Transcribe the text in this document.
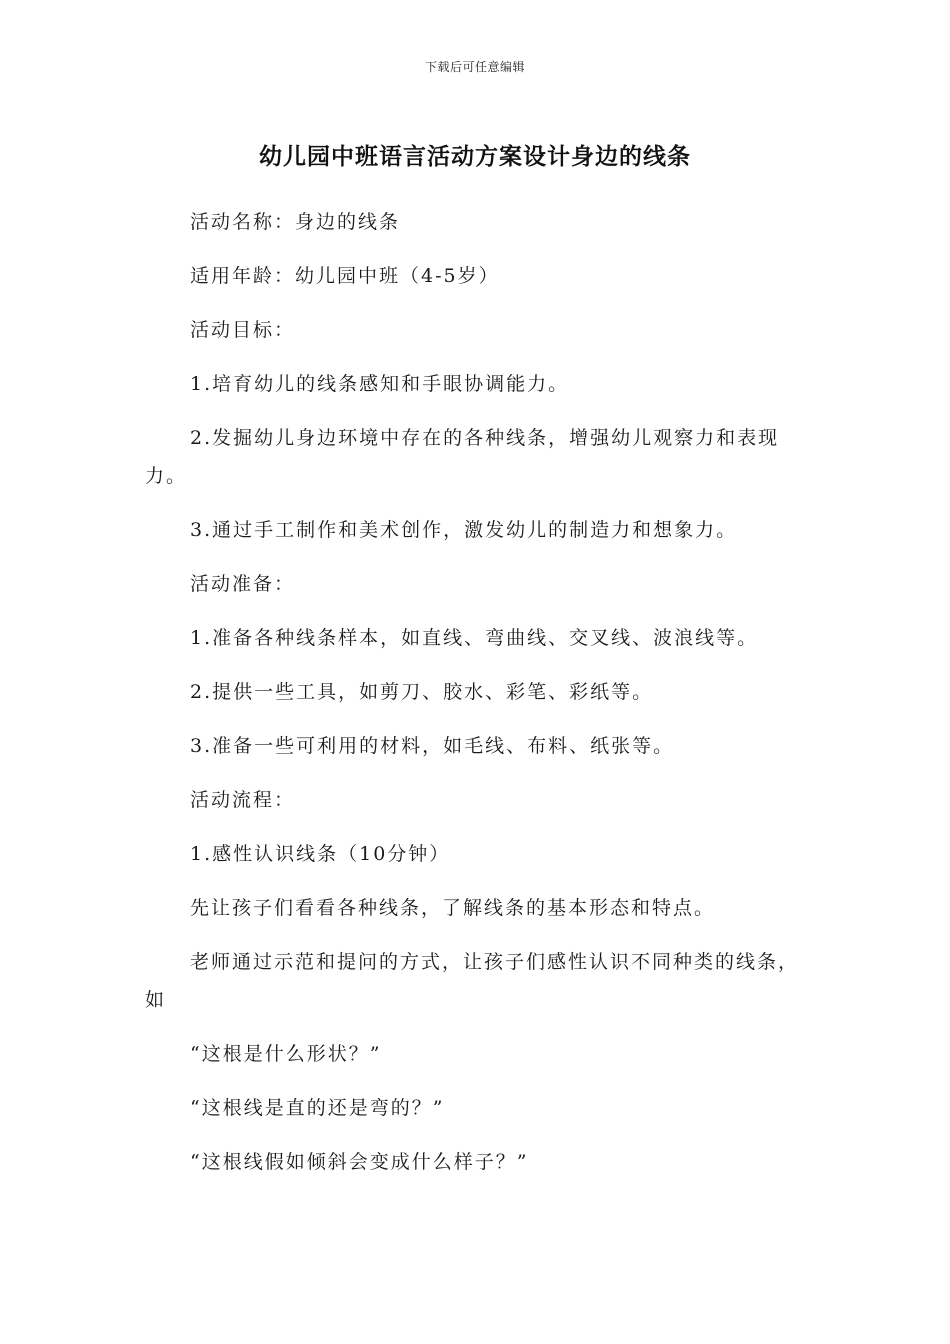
下载后可任意编辑
幼儿园中班语言活动方案设计身边的线条

活动名称：身边的线条

适用年龄：幼儿园中班（4-5岁）

活动目标：

1.培育幼儿的线条感知和手眼协调能力。

2.发掘幼儿身边环境中存在的各种线条，增强幼儿观察力和表现力。

3.通过手工制作和美术创作，激发幼儿的制造力和想象力。

活动准备：

1.准备各种线条样本，如直线、弯曲线、交叉线、波浪线等。

2.提供一些工具，如剪刀、胶水、彩笔、彩纸等。

3.准备一些可利用的材料，如毛线、布料、纸张等。

活动流程：

1.感性认识线条（10分钟）

先让孩子们看看各种线条，了解线条的基本形态和特点。

老师通过示范和提问的方式，让孩子们感性认识不同种类的线条，如

“这根是什么形状？”

“这根线是直的还是弯的？”

“这根线假如倾斜会变成什么样子？”
